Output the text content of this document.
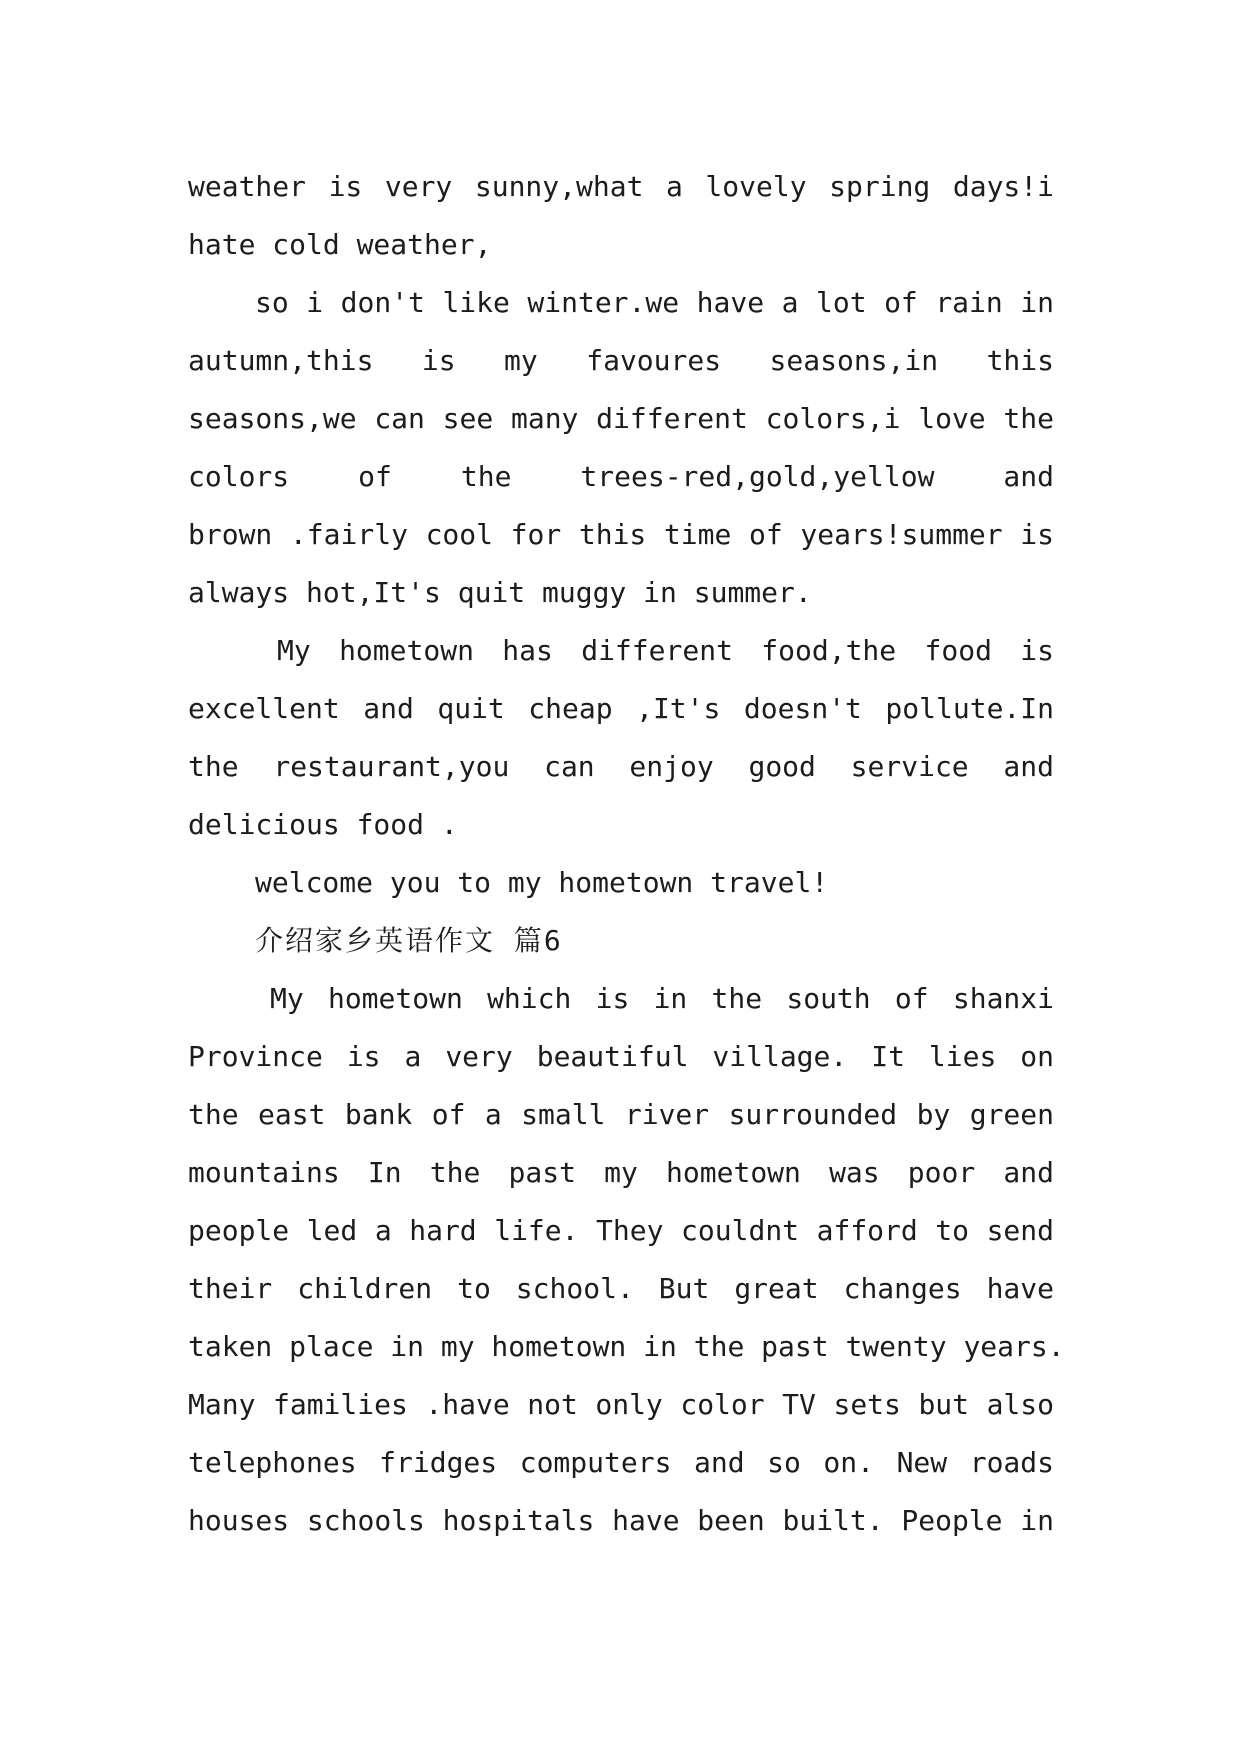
weather is very sunny,what a lovely spring days!i
hate cold weather,
so i don't like winter.we have a lot of rain in
autumn,this is my favoures seasons,in this
seasons,we can see many different colors,i love the
colors of the trees-red,gold,yellow and
brown .fairly cool for this time of years!summer is
always hot,It's quit muggy in summer.
My hometown has different food,the food is
excellent and quit cheap ,It's doesn't pollute.In
the restaurant,you can enjoy good service and
delicious food .
welcome you to my hometown travel!
介绍家乡英语作文 篇6
My hometown which is in the south of shanxi
Province is a very beautiful village. It lies on
the east bank of a small river surrounded by green
mountains In the past my hometown was poor and
people led a hard life. They couldnt afford to send
their children to school. But great changes have
taken place in my hometown in the past twenty years.
Many families .have not only color TV sets but also
telephones fridges computers and so on. New roads
houses schools hospitals have been built. People in
